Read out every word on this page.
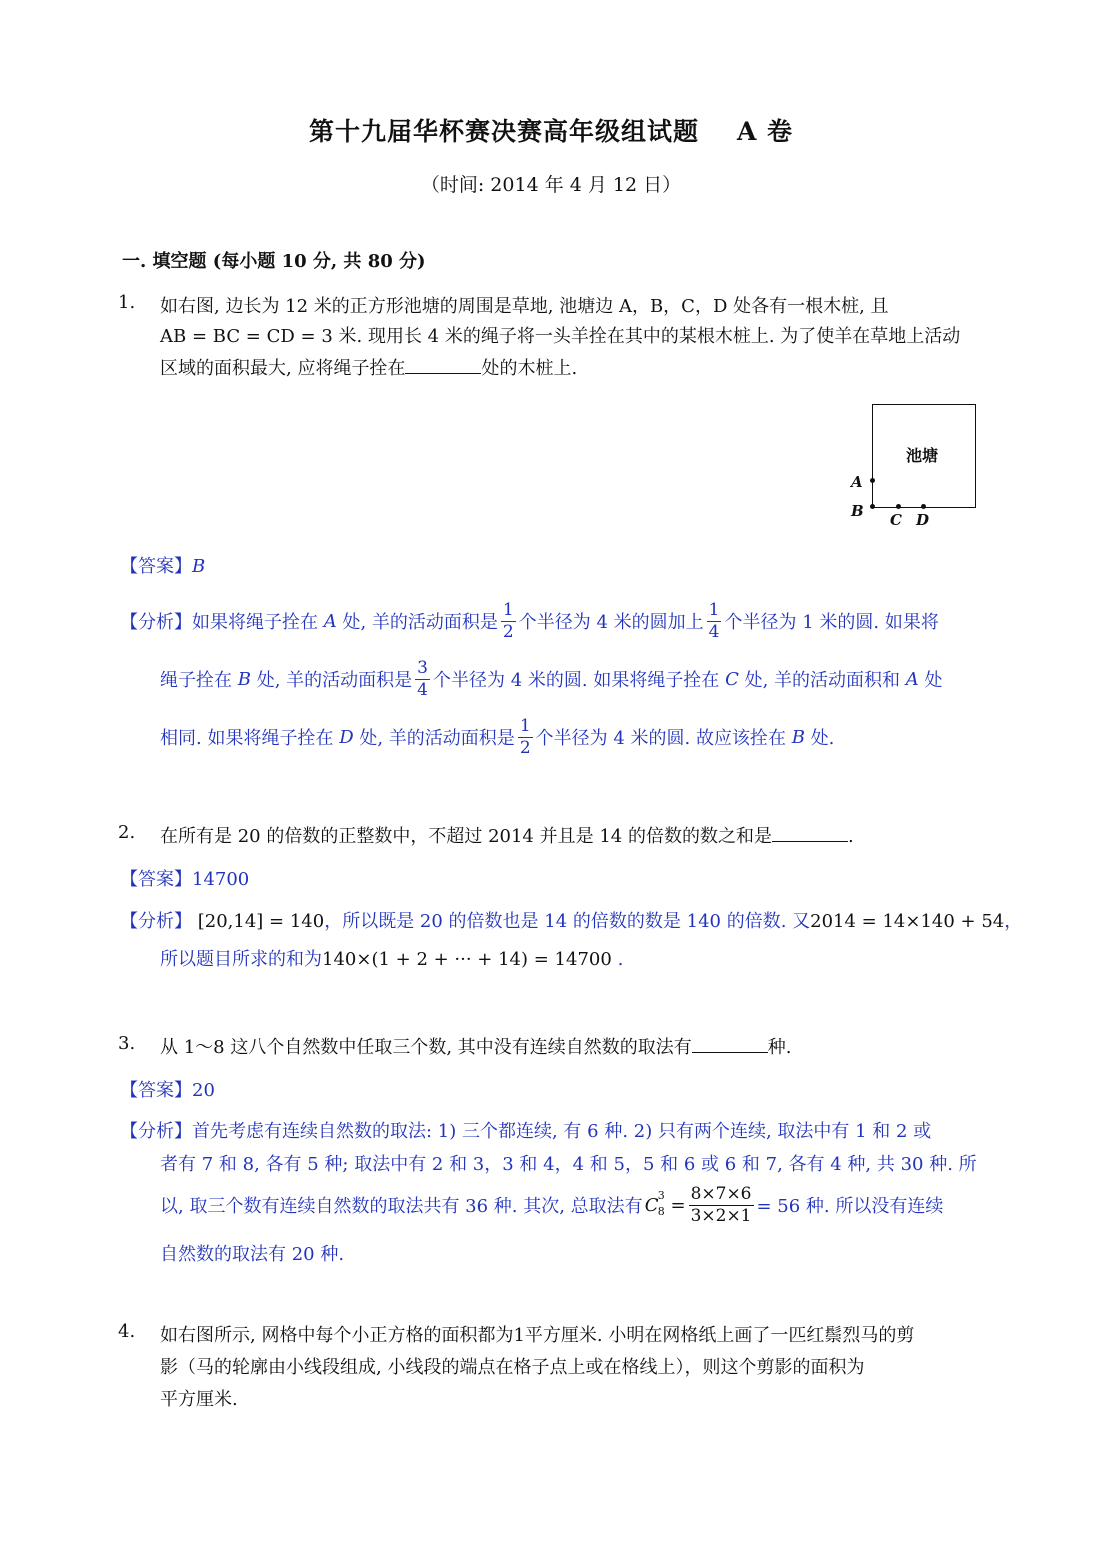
第十九届华杯赛决赛高年级组试题 A 卷
（时间: 2014 年 4 月 12 日）
一. 填空题 (每小题 10 分, 共 80 分)
1. 如右图, 边长为 12 米的正方形池塘的周围是草地, 池塘边 A，B，C，D 处各有一根木桩, 且
AB = BC = CD = 3 米. 现用长 4 米的绳子将一头羊拴在其中的某根木桩上. 为了使羊在草地上活动
区域的面积最大, 应将绳子拴在	处的木桩上.
池塘
A
B C D
【答案】B
【分析】 如果将绳子拴在
A
处, 羊的活动面积是 $\frac{1}{2}$ 个半径为 4 米的圆加上 $\frac{1}{4}$ 个半径为 1 米的圆. 如果将
绳子拴在
B
处, 羊的活动面积是 $\frac{3}{4}$ 个半径为 4 米的圆. 如果将绳子拴在
C
处, 羊的活动面积和
A
处
相同. 如果将绳子拴在
D
处, 羊的活动面积是 $\frac{1}{2}$ 个半径为 4 米的圆. 故应该拴在
B
处.
2. 在所有是 20 的倍数的正整数中，不超过 2014 并且是 14 的倍数的数之和是	.
【答案】14700
【分析】 [20,14] = 140，所以既是 20 的倍数也是 14 的倍数的数是 140 的倍数. 又2014 = 14×140 + 54，
所以题目所求的和为140×(1 + 2 + ··· + 14) = 14700 .
3. 从 1～8 这八个自然数中任取三个数, 其中没有连续自然数的取法有	种.
【答案】20
【分析】首先考虑有连续自然数的取法: 1) 三个都连续, 有 6 种. 2) 只有两个连续, 取法中有 1 和 2 或
者有 7 和 8, 各有 5 种; 取法中有 2 和 3，3 和 4，4 和 5，5 和 6 或 6 和 7, 各有 4 种, 共 30 种. 所
以, 取三个数有连续自然数的取法共有 36 种. 其次, 总取法有 C 3
$8 = \frac{8\times 7\times 6}{3\times 2\times 1} = 56$ 种. 所以没有连续
自然数的取法有 20 种.
4. 如右图所示, 网格中每个小正方格的面积都为1平方厘米. 小明在网格纸上画了一匹红鬃烈马的剪
影（马的轮廓由小线段组成, 小线段的端点在格子点上或在格线上），则这个剪影的面积为
平方厘米.
